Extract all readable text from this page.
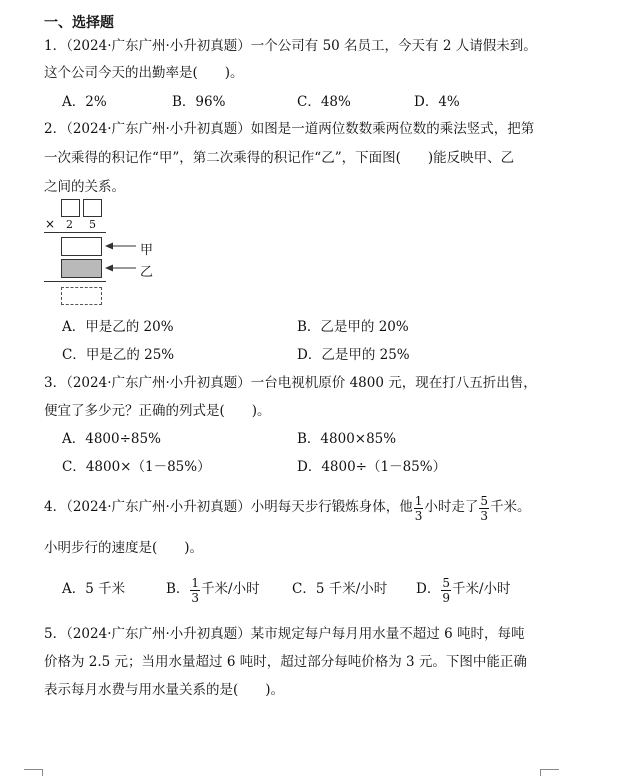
一、选择题
1．（2024·广东广州·小升初真题）一个公司有 50 名员工，今天有 2 人请假未到。
这个公司今天的出勤率是(　　)。
A．2%	B．96%	C．48%	D．4%
2．（2024·广东广州·小升初真题）如图是一道两位数数乘两位数的乘法竖式，把第
一次乘得的积记作“甲”，第二次乘得的积记作“乙”，下面图(　　)能反映甲、乙
之间的关系。
× 2 5
甲
乙
A．甲是乙的 20%	B．乙是甲的 20%
C．甲是乙的 25%	D．乙是甲的 25%
3．（2024·广东广州·小升初真题）一台电视机原价 4800 元，现在打八五折出售，
便宜了多少元？正确的列式是(　　)。
A．4800÷85%	B．4800×85%
C．4800×（1－85%）	D．4800÷（1－85%）
4．（2024·广东广州·小升初真题）小明每天步行锻炼身体，他 $\frac{1}{3}$ 小时走了 $\frac{5}{3}$ 千米。
小明步行的速度是(　　)。
A．5 千米	B． $\frac{1}{3}$ 千米/小时 C．5 千米/小时 D． $\frac{5}{9}$ 千米/小时
5．（2024·广东广州·小升初真题）某市规定每户每月用水量不超过 6 吨时，每吨
价格为 2.5 元；当用水量超过 6 吨时，超过部分每吨价格为 3 元。下图中能正确
表示每月水费与用水量关系的是(　　)。
